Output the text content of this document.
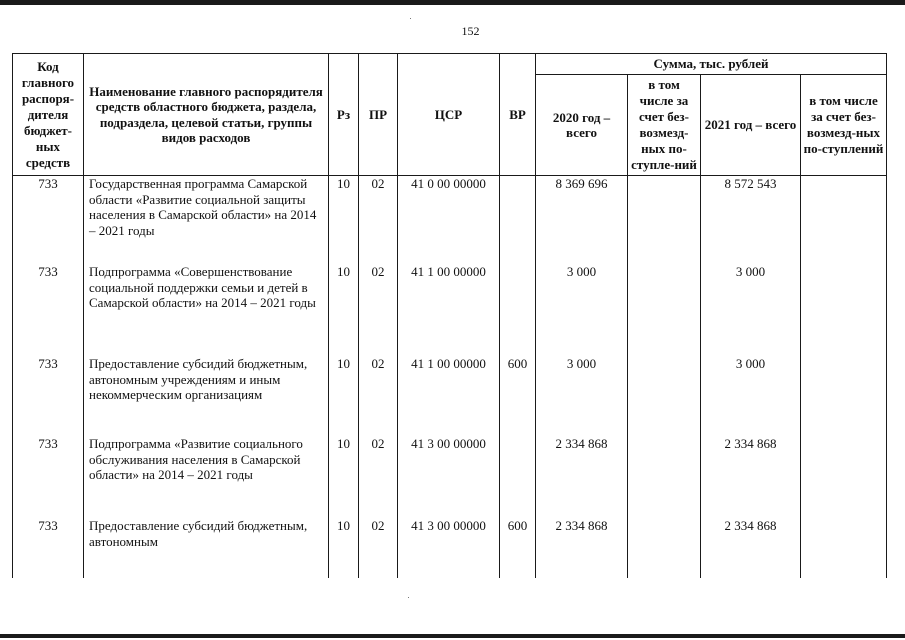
152
Код главного распоря-дителя бюджет-ных средств	Наименование главного распорядителя средств областного бюджета, раздела, подраздела, целевой статьи, группы видов расходов	Рз	ПР	ЦСР	ВР	Сумма, тыс. рублей			
						2020 год – всего	в том числе за счет без-возмезд-ных по-ступле-ний	2021 год – всего	в том числе за счет без-возмезд-ных по-ступлений
733	Государственная программа Самарской области «Развитие социальной защиты населения в Самарской области» на 2014 – 2021 годы	10	02	41 0 00 00000		8 369 696		8 572 543	
733	Подпрограмма «Совершенствование социальной поддержки семьи и детей в Самарской области» на 2014 – 2021 годы	10	02	41 1 00 00000		3 000		3 000	
733	Предоставление субсидий бюджетным, автономным учреждениям и иным некоммерческим организациям	10	02	41 1 00 00000	600	3 000		3 000	
733	Подпрограмма «Развитие социального обслуживания населения в Самарской области» на 2014 – 2021 годы	10	02	41 3 00 00000		2 334 868		2 334 868	
733	Предоставление субсидий бюджетным, автономным	10	02	41 3 00 00000	600	2 334 868		2 334 868	
